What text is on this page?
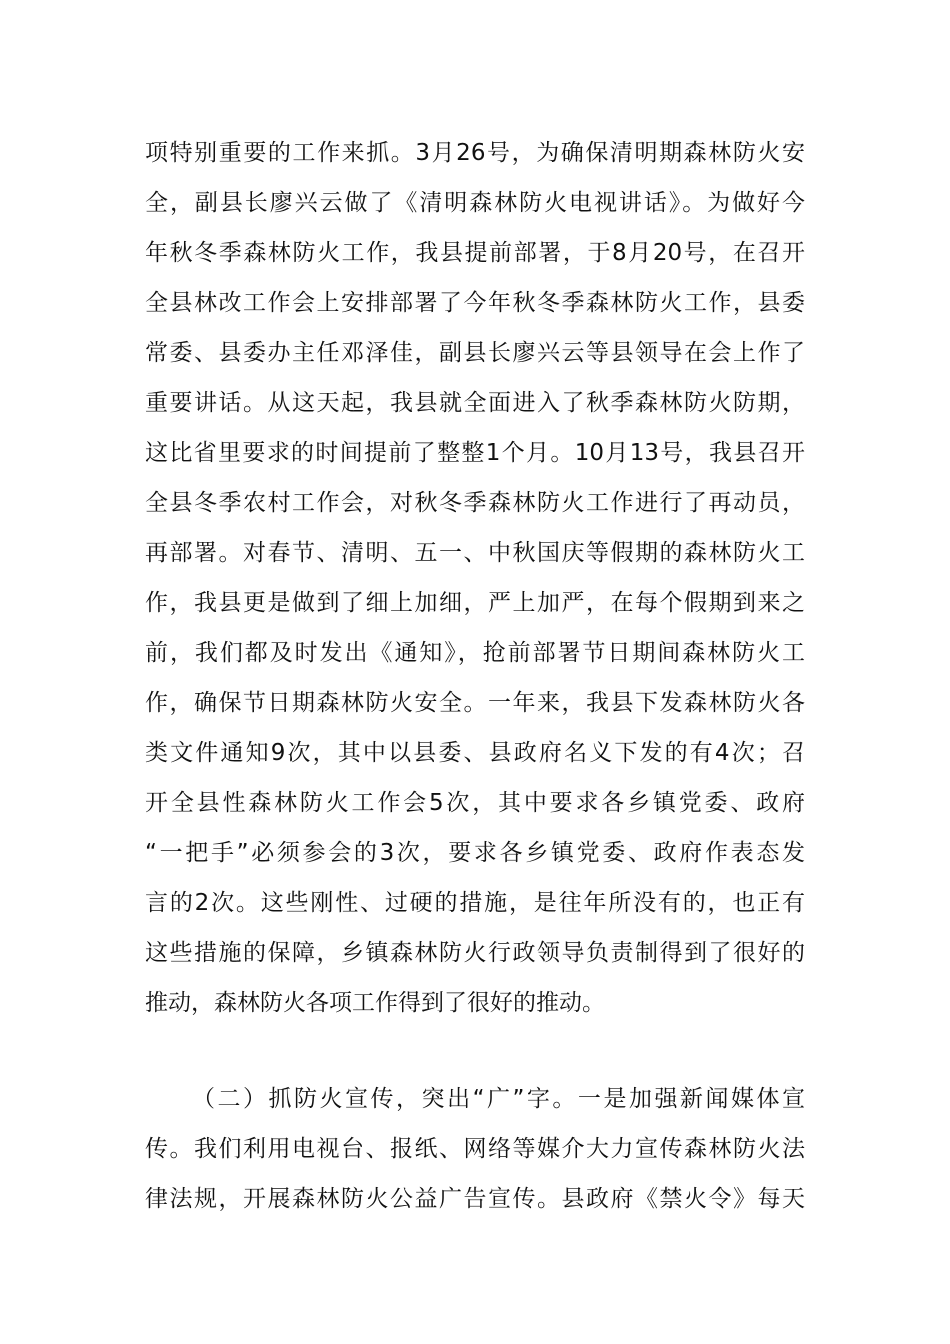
项特别重要的工作来抓。3月26号，为确保清明期森林防火安
全，副县长廖兴云做了《清明森林防火电视讲话》。为做好今
年秋冬季森林防火工作，我县提前部署，于8月20号，在召开
全县林改工作会上安排部署了今年秋冬季森林防火工作，县委
常委、县委办主任邓泽佳，副县长廖兴云等县领导在会上作了
重要讲话。从这天起，我县就全面进入了秋季森林防火防期，
这比省里要求的时间提前了整整1个月。10月13号，我县召开
全县冬季农村工作会，对秋冬季森林防火工作进行了再动员，
再部署。对春节、清明、五一、中秋国庆等假期的森林防火工
作，我县更是做到了细上加细，严上加严，在每个假期到来之
前，我们都及时发出《通知》，抢前部署节日期间森林防火工
作，确保节日期森林防火安全。一年来，我县下发森林防火各
类文件通知9次，其中以县委、县政府名义下发的有4次；召
开全县性森林防火工作会5次，其中要求各乡镇党委、政府
“一把手”必须参会的3次，要求各乡镇党委、政府作表态发
言的2次。这些刚性、过硬的措施，是往年所没有的，也正有
这些措施的保障，乡镇森林防火行政领导负责制得到了很好的
推动，森林防火各项工作得到了很好的推动。
（二）抓防火宣传，突出“广”字。一是加强新闻媒体宣
传。我们利用电视台、报纸、网络等媒介大力宣传森林防火法
律法规，开展森林防火公益广告宣传。县政府《禁火令》每天
